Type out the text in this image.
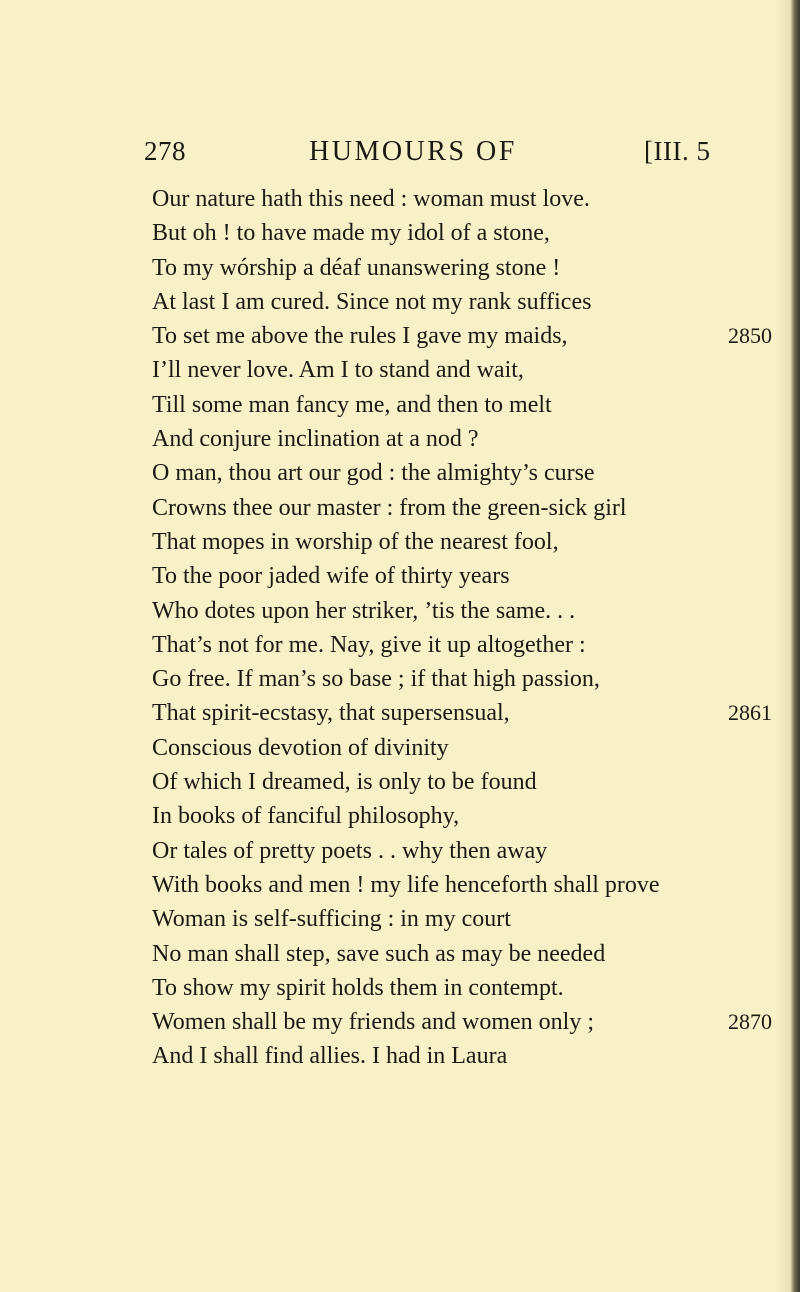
278	HUMOURS OF	[III. 5
Our nature hath this need : woman must love.
But oh ! to have made my idol of a stone,
To my wórship a déaf unanswering stone !
At last I am cured. Since not my rank suffices
To set me above the rules I gave my maids,	2850
I’ll never love. Am I to stand and wait,
Till some man fancy me, and then to melt
And conjure inclination at a nod ?
O man, thou art our god : the almighty’s curse
Crowns thee our master : from the green-sick girl
That mopes in worship of the nearest fool,
To the poor jaded wife of thirty years
Who dotes upon her striker, ’tis the same. . .
That’s not for me. Nay, give it up altogether :
Go free. If man’s so base ; if that high passion,
That spirit-ecstasy, that supersensual,	2861
Conscious devotion of divinity
Of which I dreamed, is only to be found
In books of fanciful philosophy,
Or tales of pretty poets . . why then away
With books and men ! my life henceforth shall prove
Woman is self-sufficing : in my court
No man shall step, save such as may be needed
To show my spirit holds them in contempt.
Women shall be my friends and women only ;	2870
And I shall find allies. I had in Laura
